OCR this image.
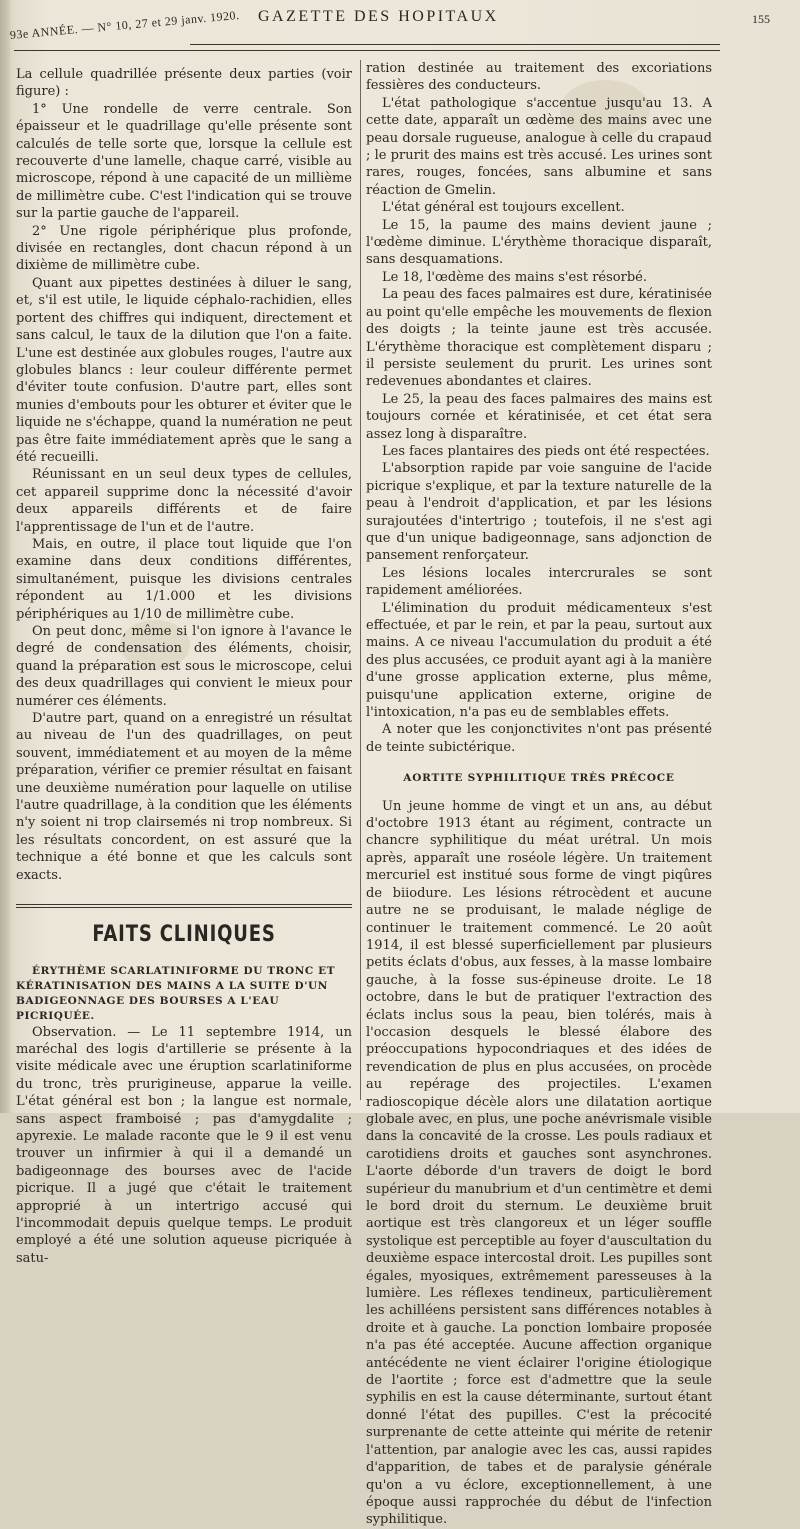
93e ANNÉE. — N° 10, 27 et 29 janv. 1920. GAZETTE DES HOPITAUX	155

La cellule quadrillée présente deux parties (voir figure) :

1° Une rondelle de verre centrale. Son épaisseur et le quadrillage qu'elle présente sont calculés de telle sorte que, lorsque la cellule est recouverte d'une lamelle, chaque carré, visible au microscope, répond à une capacité de un millième de millimètre cube. C'est l'indication qui se trouve sur la partie gauche de l'appareil.

2° Une rigole périphérique plus profonde, divisée en rectangles, dont chacun répond à un dixième de millimètre cube.

Quant aux pipettes destinées à diluer le sang, et, s'il est utile, le liquide céphalo-rachidien, elles portent des chiffres qui indiquent, directement et sans calcul, le taux de la dilution que l'on a faite. L'une est destinée aux globules rouges, l'autre aux globules blancs : leur couleur différente permet d'éviter toute confusion. D'autre part, elles sont munies d'embouts pour les obturer et éviter que le liquide ne s'échappe, quand la numération ne peut pas être faite immédiatement après que le sang a été recueilli.

Réunissant en un seul deux types de cellules, cet appareil supprime donc la nécessité d'avoir deux appareils différents et de faire l'apprentissage de l'un et de l'autre.

Mais, en outre, il place tout liquide que l'on examine dans deux conditions différentes, simultanément, puisque les divisions centrales répondent au 1/1.000 et les divisions périphériques au 1/10 de millimètre cube.

On peut donc, même si l'on ignore à l'avance le degré de condensation des éléments, choisir, quand la préparation est sous le microscope, celui des deux quadrillages qui convient le mieux pour numérer ces éléments.

D'autre part, quand on a enregistré un résultat au niveau de l'un des quadrillages, on peut souvent, immédiatement et au moyen de la même préparation, vérifier ce premier résultat en faisant une deuxième numération pour laquelle on utilise l'autre quadrillage, à la condition que les éléments n'y soient ni trop clairsemés ni trop nombreux. Si les résultats concordent, on est assuré que la technique a été bonne et que les calculs sont exacts.

FAITS CLINIQUES

ÉRYTHÈME SCARLATINIFORME DU TRONC ET KÉRATINISATION DES MAINS A LA SUITE D'UN BADIGEONNAGE DES BOURSES A L'EAU PICRIQUÉE.

Observation. — Le 11 septembre 1914, un maréchal des logis d'artillerie se présente à la visite médicale avec une éruption scarlatiniforme du tronc, très prurigineuse, apparue la veille. L'état général est bon ; la langue est normale, sans aspect framboisé ; pas d'amygdalite ; apyrexie. Le malade raconte que le 9 il est venu trouver un infirmier à qui il a demandé un badigeonnage des bourses avec de l'acide picrique. Il a jugé que c'était le traitement approprié à un intertrigo accusé qui l'incommodait depuis quelque temps. Le produit employé a été une solution aqueuse picriquée à satu-

ration destinée au traitement des excoriations fessières des conducteurs.

L'état pathologique s'accentue jusqu'au 13. A cette date, apparaît un œdème des mains avec une peau dorsale rugueuse, analogue à celle du crapaud ; le prurit des mains est très accusé. Les urines sont rares, rouges, foncées, sans albumine et sans réaction de Gmelin.

L'état général est toujours excellent.

Le 15, la paume des mains devient jaune ; l'œdème diminue. L'érythème thoracique disparaît, sans desquamations.

Le 18, l'œdème des mains s'est résorbé.

La peau des faces palmaires est dure, kératinisée au point qu'elle empêche les mouvements de flexion des doigts ; la teinte jaune est très accusée. L'érythème thoracique est complètement disparu ; il persiste seulement du prurit. Les urines sont redevenues abondantes et claires.

Le 25, la peau des faces palmaires des mains est toujours cornée et kératinisée, et cet état sera assez long à disparaître.

Les faces plantaires des pieds ont été respectées.

L'absorption rapide par voie sanguine de l'acide picrique s'explique, et par la texture naturelle de la peau à l'endroit d'application, et par les lésions surajoutées d'intertrigo ; toutefois, il ne s'est agi que d'un unique badigeonnage, sans adjonction de pansement renforçateur.

Les lésions locales intercrurales se sont rapidement améliorées.

L'élimination du produit médicamenteux s'est effectuée, et par le rein, et par la peau, surtout aux mains. A ce niveau l'accumulation du produit a été des plus accusées, ce produit ayant agi à la manière d'une grosse application externe, plus même, puisqu'une application externe, origine de l'intoxication, n'a pas eu de semblables effets.

A noter que les conjonctivites n'ont pas présenté de teinte subictérique.

AORTITE SYPHILITIQUE TRÈS PRÉCOCE

Un jeune homme de vingt et un ans, au début d'octobre 1913 étant au régiment, contracte un chancre syphilitique du méat urétral. Un mois après, apparaît une roséole légère. Un traitement mercuriel est institué sous forme de vingt piqûres de biiodure. Les lésions rétrocèdent et aucune autre ne se produisant, le malade néglige de continuer le traitement commencé. Le 20 août 1914, il est blessé superficiellement par plusieurs petits éclats d'obus, aux fesses, à la masse lombaire gauche, à la fosse sus-épineuse droite. Le 18 octobre, dans le but de pratiquer l'extraction des éclats inclus sous la peau, bien tolérés, mais à l'occasion desquels le blessé élabore des préoccupations hypocondriaques et des idées de revendication de plus en plus accusées, on procède au repérage des projectiles. L'examen radioscopique décèle alors une dilatation aortique globale avec, en plus, une poche anévrismale visible dans la concavité de la crosse. Les pouls radiaux et carotidiens droits et gauches sont asynchrones. L'aorte déborde d'un travers de doigt le bord supérieur du manubrium et d'un centimètre et demi le bord droit du sternum. Le deuxième bruit aortique est très clangoreux et un léger souffle systolique est perceptible au foyer d'auscultation du deuxième espace intercostal droit. Les pupilles sont égales, myosiques, extrêmement paresseuses à la lumière. Les réflexes tendineux, particulièrement les achilléens persistent sans différences notables à droite et à gauche. La ponction lombaire proposée n'a pas été acceptée. Aucune affection organique antécédente ne vient éclairer l'origine étiologique de l'aortite ; force est d'admettre que la seule syphilis en est la cause déterminante, surtout étant donné l'état des pupilles. C'est la précocité surprenante de cette atteinte qui mérite de retenir l'attention, par analogie avec les cas, aussi rapides d'apparition, de tabes et de paralysie générale qu'on a vu éclore, exceptionnellement, à une époque aussi rapprochée du début de l'infection syphilitique.
